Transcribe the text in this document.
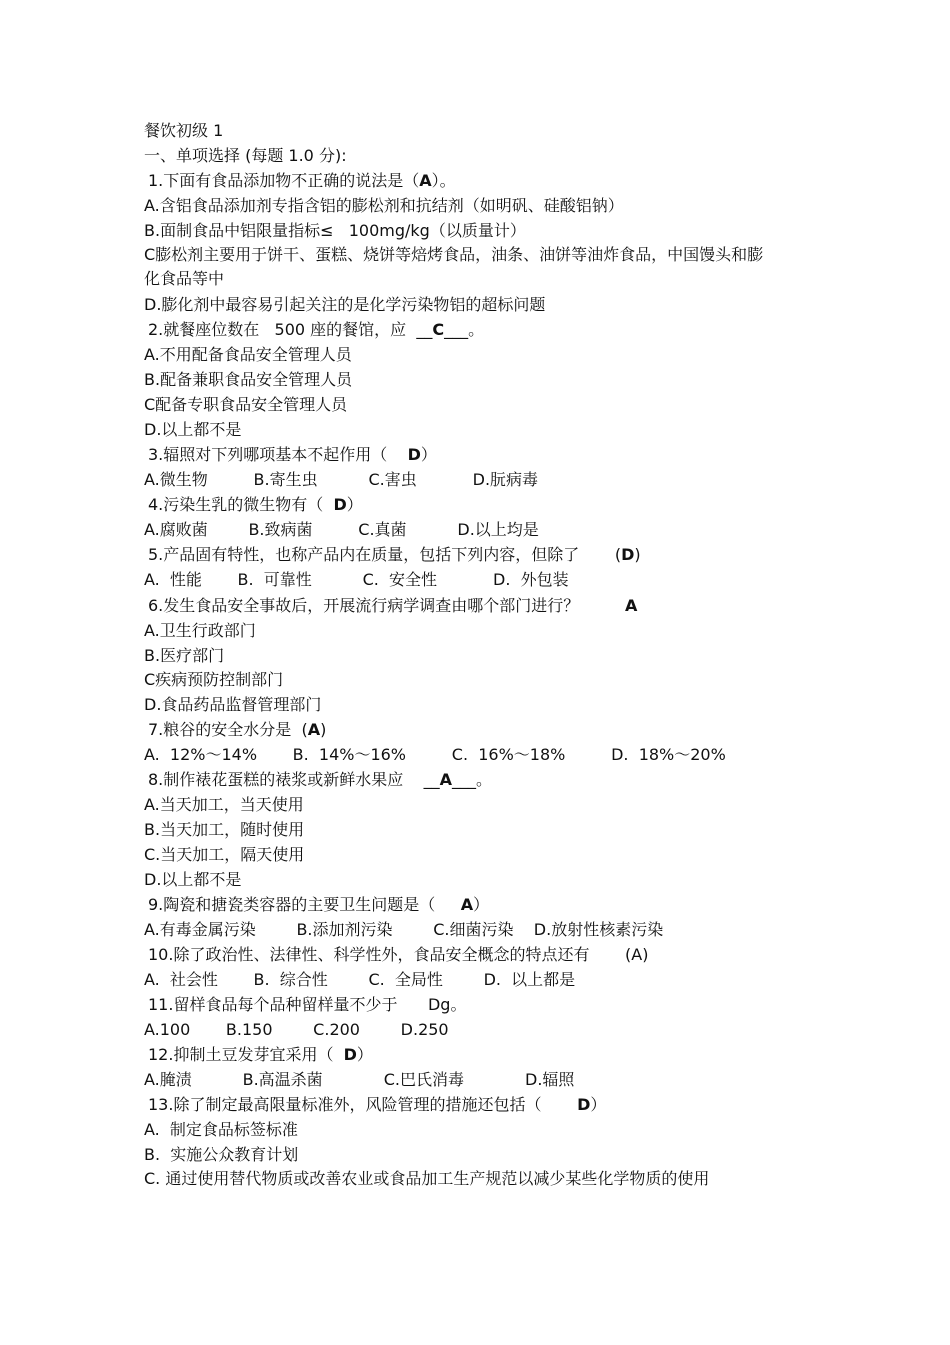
餐饮初级 1
一、单项选择 (每题 1.0 分):
1.下面有食品添加物不正确的说法是（A）。
A.含铝食品添加剂专指含铝的膨松剂和抗结剂（如明矾、硅酸铝钠）
B.面制食品中铝限量指标≤   100mg/kg（以质量计）
C膨松剂主要用于饼干、蛋糕、烧饼等焙烤食品，油条、油饼等油炸食品，中国馒头和膨化食品等中
D.膨化剂中最容易引起关注的是化学污染物铝的超标问题
2.就餐座位数在   500 座的餐馆，应  __C___。
A.不用配备食品安全管理人员
B.配备兼职食品安全管理人员
C配备专职食品安全管理人员
D.以上都不是
3.辐照对下列哪项基本不起作用（    D）
A.微生物         B.寄生虫          C.害虫           D.朊病毒
4.污染生乳的微生物有（  D）
A.腐败菌        B.致病菌         C.真菌          D.以上均是
5.产品固有特性，也称产品内在质量，包括下列内容，但除了       (D)
A.  性能       B.  可靠性          C.  安全性           D.  外包装
6.发生食品安全事故后，开展流行病学调查由哪个部门进行？         A
A.卫生行政部门
B.医疗部门
C疾病预防控制部门
D.食品药品监督管理部门
7.粮谷的安全水分是  (A)
A.  12%～14%       B.  14%～16%         C.  16%～18%         D.  18%～20%
8.制作裱花蛋糕的裱浆或新鲜水果应    __A___。
A.当天加工，当天使用
B.当天加工，随时使用
C.当天加工，隔天使用
D.以上都不是
9.陶瓷和搪瓷类容器的主要卫生问题是（     A）
A.有毒金属污染        B.添加剂污染        C.细菌污染    D.放射性核素污染
10.除了政治性、法律性、科学性外，食品安全概念的特点还有       (A)
A.  社会性       B.  综合性        C.  全局性        D.  以上都是
11.留样食品每个品种留样量不少于      Dg。
A.100       B.150        C.200        D.250
12.抑制土豆发芽宜采用（  D）
A.腌渍          B.高温杀菌            C.巴氏消毒            D.辐照
13.除了制定最高限量标准外，风险管理的措施还包括（       D）
A.  制定食品标签标准
B.  实施公众教育计划
C. 通过使用替代物质或改善农业或食品加工生产规范以减少某些化学物质的使用
